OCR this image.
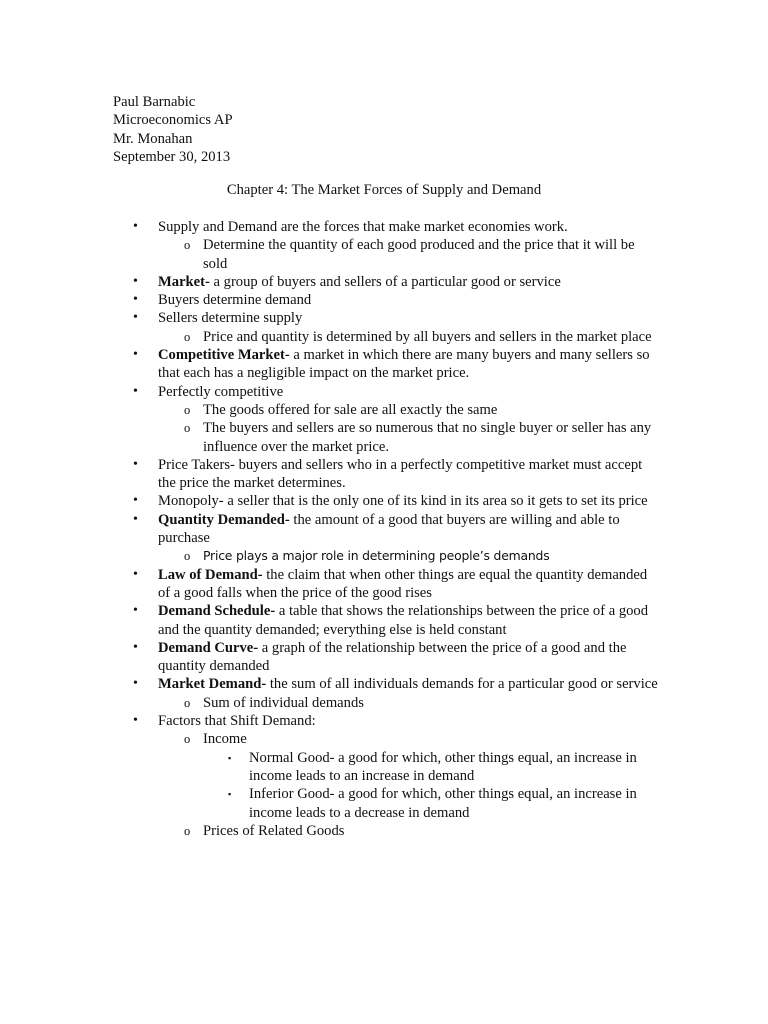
Paul Barnabic
Microeconomics AP
Mr. Monahan
September 30, 2013
Chapter 4: The Market Forces of Supply and Demand
• Supply and Demand are the forces that make market economies work.
o Determine the quantity of each good produced and the price that it will be sold
• Market- a group of buyers and sellers of a particular good or service
• Buyers determine demand
• Sellers determine supply
o Price and quantity is determined by all buyers and sellers in the market place
• Competitive Market- a market in which there are many buyers and many sellers so that each has a negligible impact on the market price.
• Perfectly competitive
o The goods offered for sale are all exactly the same
o The buyers and sellers are so numerous that no single buyer or seller has any influence over the market price.
• Price Takers- buyers and sellers who in a perfectly competitive market must accept the price the market determines.
• Monopoly- a seller that is the only one of its kind in its area so it gets to set its price
• Quantity Demanded- the amount of a good that buyers are willing and able to purchase
o Price plays a major role in determining people’s demands
• Law of Demand- the claim that when other things are equal the quantity demanded of a good falls when the price of the good rises
• Demand Schedule- a table that shows the relationships between the price of a good and the quantity demanded; everything else is held constant
• Demand Curve- a graph of the relationship between the price of a good and the quantity demanded
• Market Demand- the sum of all individuals demands for a particular good or service
o Sum of individual demands
• Factors that Shift Demand:
o Income
▪ Normal Good- a good for which, other things equal, an increase in income leads to an increase in demand
▪ Inferior Good- a good for which, other things equal, an increase in income leads to a decrease in demand
o Prices of Related Goods
